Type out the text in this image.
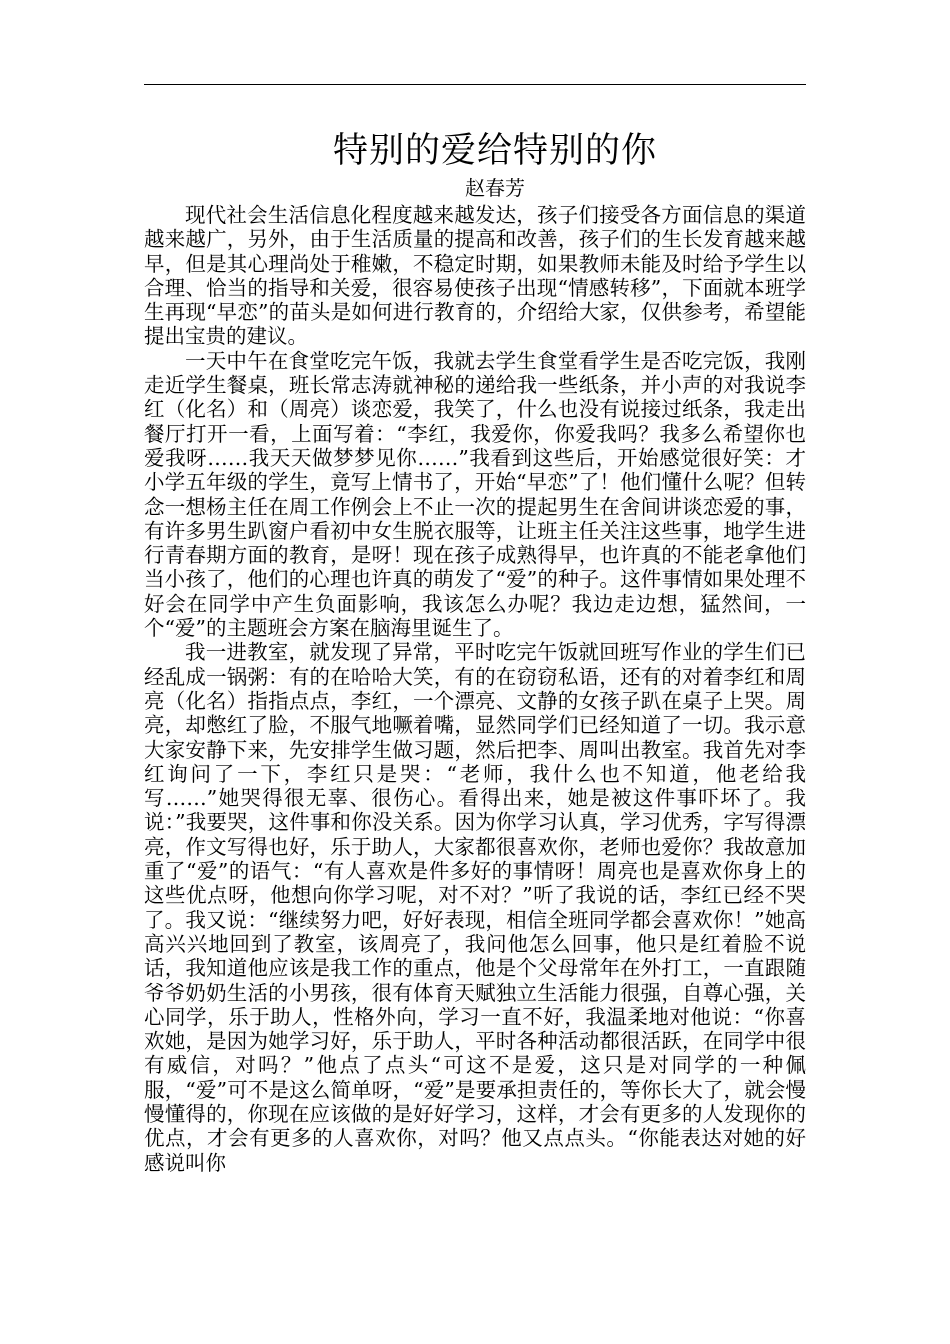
特别的爱给特别的你
赵春芳

现代社会生活信息化程度越来越发达，孩子们接受各方面信息的渠道越来越广，另外，由于生活质量的提高和改善，孩子们的生长发育越来越早，但是其心理尚处于稚嫩，不稳定时期，如果教师未能及时给予学生以合理、恰当的指导和关爱，很容易使孩子出现“情感转移”，下面就本班学生再现“早恋”的苗头是如何进行教育的，介绍给大家，仅供参考，希望能提出宝贵的建议。

一天中午在食堂吃完午饭，我就去学生食堂看学生是否吃完饭，我刚走近学生餐桌，班长常志涛就神秘的递给我一些纸条，并小声的对我说李红（化名）和（周亮）谈恋爱，我笑了，什么也没有说接过纸条，我走出餐厅打开一看，上面写着：“李红，我爱你，你爱我吗？我多么希望你也爱我呀……我天天做梦梦见你……”我看到这些后，开始感觉很好笑：才小学五年级的学生，竟写上情书了，开始“早恋”了！他们懂什么呢？但转念一想杨主任在周工作例会上不止一次的提起男生在舍间讲谈恋爱的事，有许多男生趴窗户看初中女生脱衣服等，让班主任关注这些事，地学生进行青春期方面的教育，是呀！现在孩子成熟得早，也许真的不能老拿他们当小孩了，他们的心理也许真的萌发了“爱”的种子。这件事情如果处理不好会在同学中产生负面影响，我该怎么办呢？我边走边想，猛然间，一个“爱”的主题班会方案在脑海里诞生了。

我一进教室，就发现了异常，平时吃完午饭就回班写作业的学生们已经乱成一锅粥：有的在哈哈大笑，有的在窃窃私语，还有的对着李红和周亮（化名）指指点点，李红，一个漂亮、文静的女孩子趴在桌子上哭。周亮，却憋红了脸，不服气地噘着嘴，显然同学们已经知道了一切。我示意大家安静下来，先安排学生做习题，然后把李、周叫出教室。我首先对李红询问了一下，李红只是哭：“老师，我什么也不知道，他老给我写……”她哭得很无辜、很伤心。看得出来，她是被这件事吓坏了。我说：”我要哭，这件事和你没关系。因为你学习认真，学习优秀，字写得漂亮，作文写得也好，乐于助人，大家都很喜欢你，老师也爱你？我故意加重了“爱”的语气：“有人喜欢是件多好的事情呀！周亮也是喜欢你身上的这些优点呀，他想向你学习呢，对不对？”听了我说的话，李红已经不哭了。我又说：“继续努力吧，好好表现，相信全班同学都会喜欢你！”她高高兴兴地回到了教室，该周亮了，我问他怎么回事，他只是红着脸不说话，我知道他应该是我工作的重点，他是个父母常年在外打工，一直跟随爷爷奶奶生活的小男孩，很有体育天赋独立生活能力很强，自尊心强，关心同学，乐于助人，性格外向，学习一直不好，我温柔地对他说：“你喜欢她，是因为她学习好，乐于助人，平时各种活动都很活跃，在同学中很有威信，对吗？”他点了点头“可这不是爱，这只是对同学的一种佩服，“爱”可不是这么简单呀，“爱”是要承担责任的，等你长大了，就会慢慢懂得的，你现在应该做的是好好学习，这样，才会有更多的人发现你的优点，才会有更多的人喜欢你，对吗？他又点点头。“你能表达对她的好感说叫你
